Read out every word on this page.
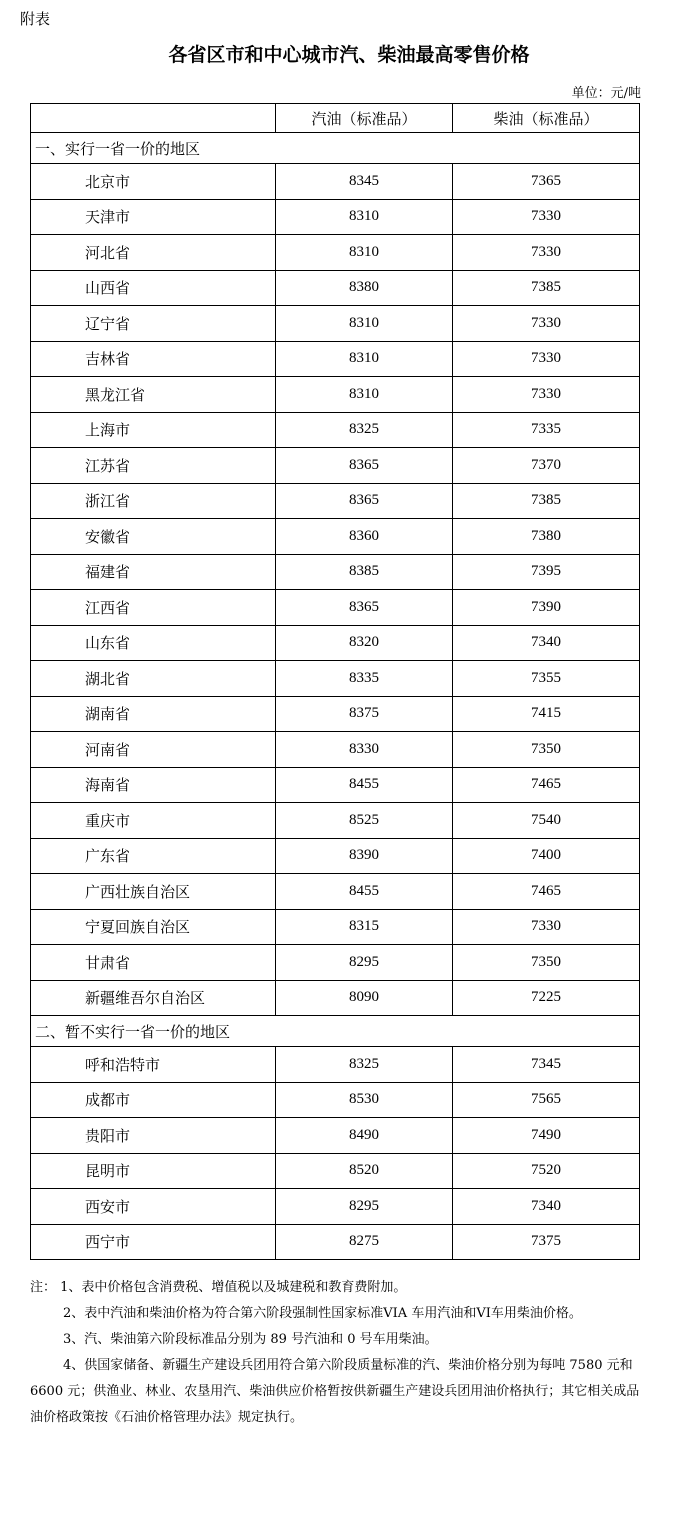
附表
各省区市和中心城市汽、柴油最高零售价格
单位：元/吨
	汽油（标准品）	柴油（标准品）
一、实行一省一价的地区		
北京市	8345	7365
天津市	8310	7330
河北省	8310	7330
山西省	8380	7385
辽宁省	8310	7330
吉林省	8310	7330
黑龙江省	8310	7330
上海市	8325	7335
江苏省	8365	7370
浙江省	8365	7385
安徽省	8360	7380
福建省	8385	7395
江西省	8365	7390
山东省	8320	7340
湖北省	8335	7355
湖南省	8375	7415
河南省	8330	7350
海南省	8455	7465
重庆市	8525	7540
广东省	8390	7400
广西壮族自治区	8455	7465
宁夏回族自治区	8315	7330
甘肃省	8295	7350
新疆维吾尔自治区	8090	7225
二、暂不实行一省一价的地区		
呼和浩特市	8325	7345
成都市	8530	7565
贵阳市	8490	7490
昆明市	8520	7520
西安市	8295	7340
西宁市	8275	7375

注： 1、表中价格包含消费税、增值税以及城建税和教育费附加。

2、表中汽油和柴油价格为符合第六阶段强制性国家标准VIA 车用汽油和VI车用柴油价格。

3、汽、柴油第六阶段标准品分别为 89 号汽油和 0 号车用柴油。

4、供国家储备、新疆生产建设兵团用符合第六阶段质量标准的汽、柴油价格分别为每吨 7580 元和 6600 元；供渔业、林业、农垦用汽、柴油供应价格暂按供新疆生产建设兵团用油价格执行；其它相关成品油价格政策按《石油价格管理办法》规定执行。
